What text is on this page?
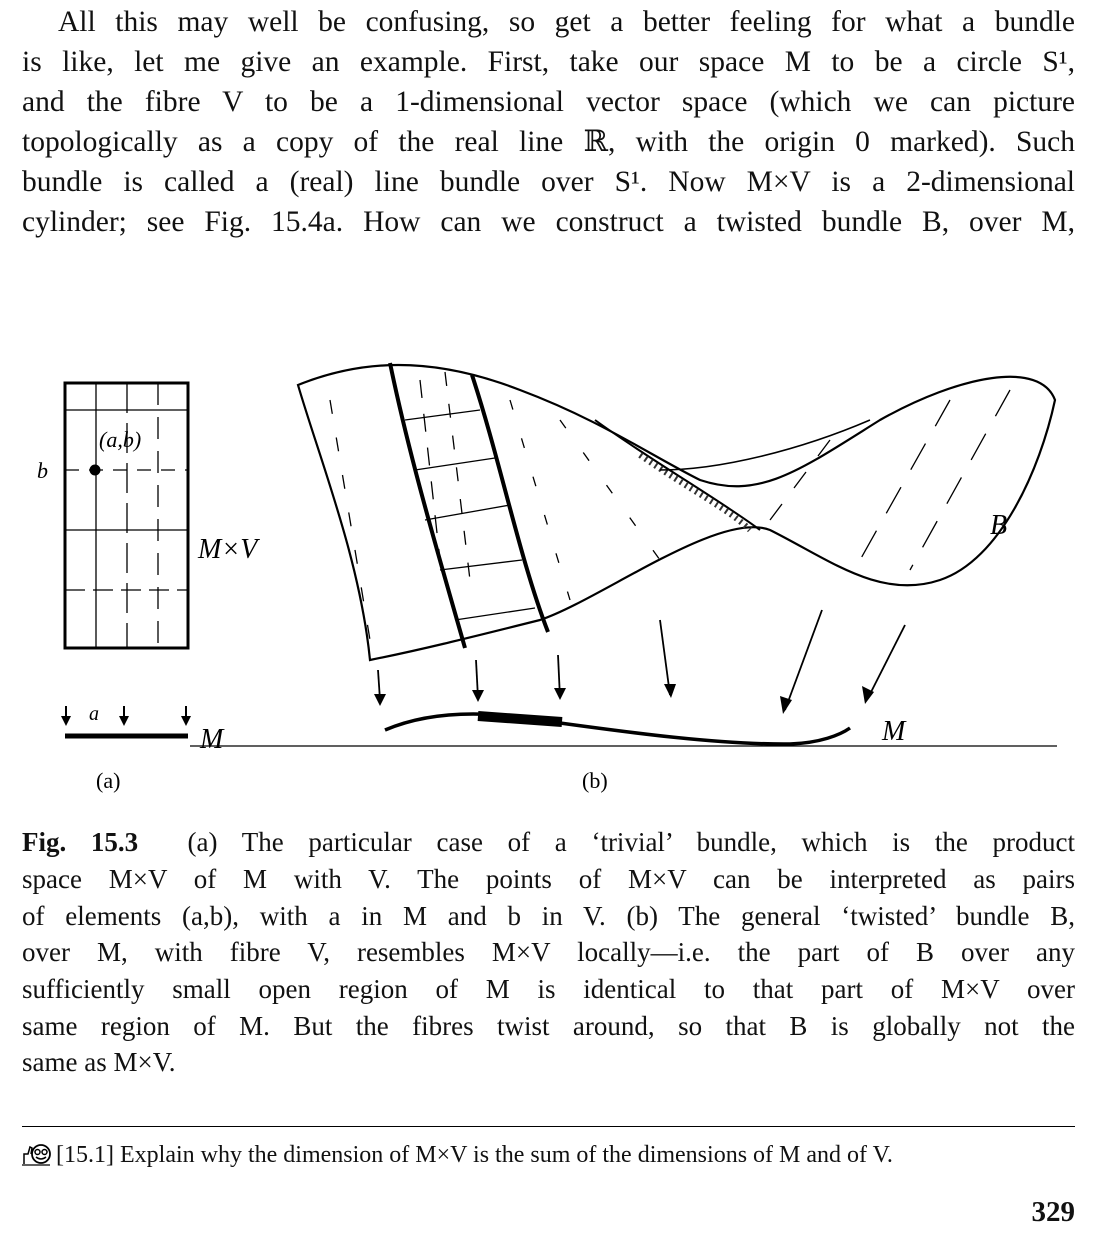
All this may well be confusing, so get a better feeling for what a bundle
is like, let me give an example. First, take our space M to be a circle S¹,
and the fibre V to be a 1-dimensional vector space (which we can picture
topologically as a copy of the real line ℝ, with the origin 0 marked). Such
bundle is called a (real) line bundle over S¹. Now M×V is a 2-dimensional
cylinder; see Fig. 15.4a. How can we construct a twisted bundle B, over M,
(a,b)
b
a
M×V
M
(a)
B
M
(b)
Fig. 15.3 (a) The particular case of a ‘trivial’ bundle, which is the product
space M×V of M with V. The points of M×V can be interpreted as pairs
of elements (a,b), with a in M and b in V. (b) The general ‘twisted’ bundle B,
over M, with fibre V, resembles M×V locally—i.e. the part of B over any
sufficiently small open region of M is identical to that part of M×V over
same region of M. But the fibres twist around, so that B is globally not the
same as M×V.
[15.1] Explain why the dimension of M×V is the sum of the dimensions of M and of V.
329
